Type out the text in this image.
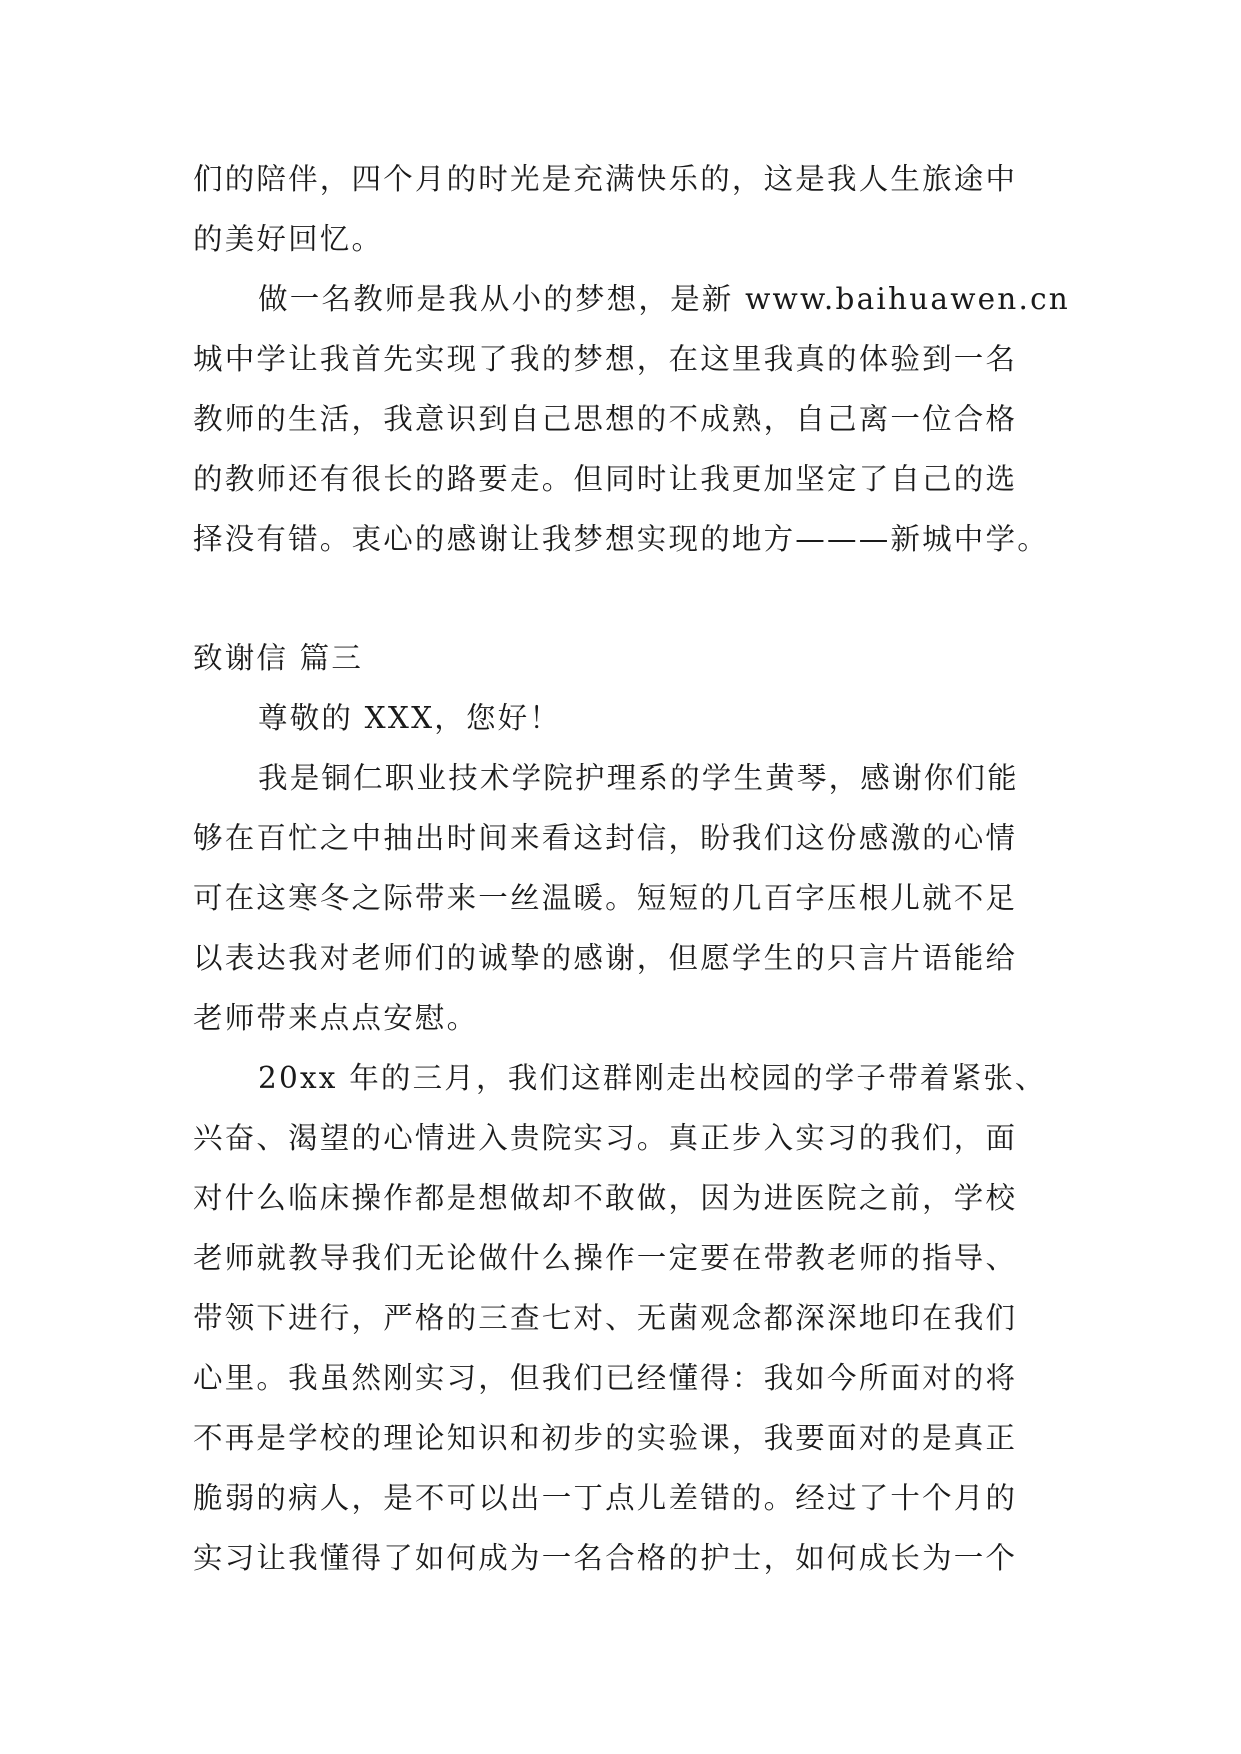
们的陪伴，四个月的时光是充满快乐的，这是我人生旅途中
的美好回忆。
做一名教师是我从小的梦想，是新 www.baihuawen.cn
城中学让我首先实现了我的梦想，在这里我真的体验到一名
教师的生活，我意识到自己思想的不成熟，自己离一位合格
的教师还有很长的路要走。但同时让我更加坚定了自己的选
择没有错。衷心的感谢让我梦想实现的地方———新城中学。
致谢信 篇三
尊敬的 XXX，您好！
我是铜仁职业技术学院护理系的学生黄琴，感谢你们能
够在百忙之中抽出时间来看这封信，盼我们这份感激的心情
可在这寒冬之际带来一丝温暖。短短的几百字压根儿就不足
以表达我对老师们的诚挚的感谢，但愿学生的只言片语能给
老师带来点点安慰。
20xx 年的三月，我们这群刚走出校园的学子带着紧张、
兴奋、渴望的心情进入贵院实习。真正步入实习的我们，面
对什么临床操作都是想做却不敢做，因为进医院之前，学校
老师就教导我们无论做什么操作一定要在带教老师的指导、
带领下进行，严格的三查七对、无菌观念都深深地印在我们
心里。我虽然刚实习，但我们已经懂得：我如今所面对的将
不再是学校的理论知识和初步的实验课，我要面对的是真正
脆弱的病人，是不可以出一丁点儿差错的。经过了十个月的
实习让我懂得了如何成为一名合格的护士，如何成长为一个
